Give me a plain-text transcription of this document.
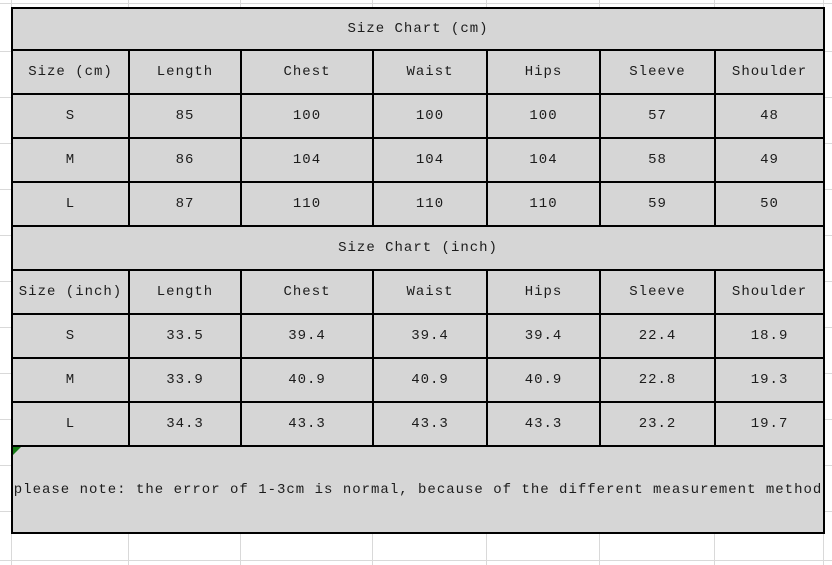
Size Chart (cm)						
Size (cm)	Length	Chest	Waist	Hips	Sleeve	Shoulder
S	85	100	100	100	57	48
M	86	104	104	104	58	49
L	87	110	110	110	59	50
Size Chart (inch)						
Size (inch)	Length	Chest	Waist	Hips	Sleeve	Shoulder
S	33.5	39.4	39.4	39.4	22.4	18.9
M	33.9	40.9	40.9	40.9	22.8	19.3
L	34.3	43.3	43.3	43.3	23.2	19.7

please note: the error of 1-3cm is normal, because of the different measurement method						
